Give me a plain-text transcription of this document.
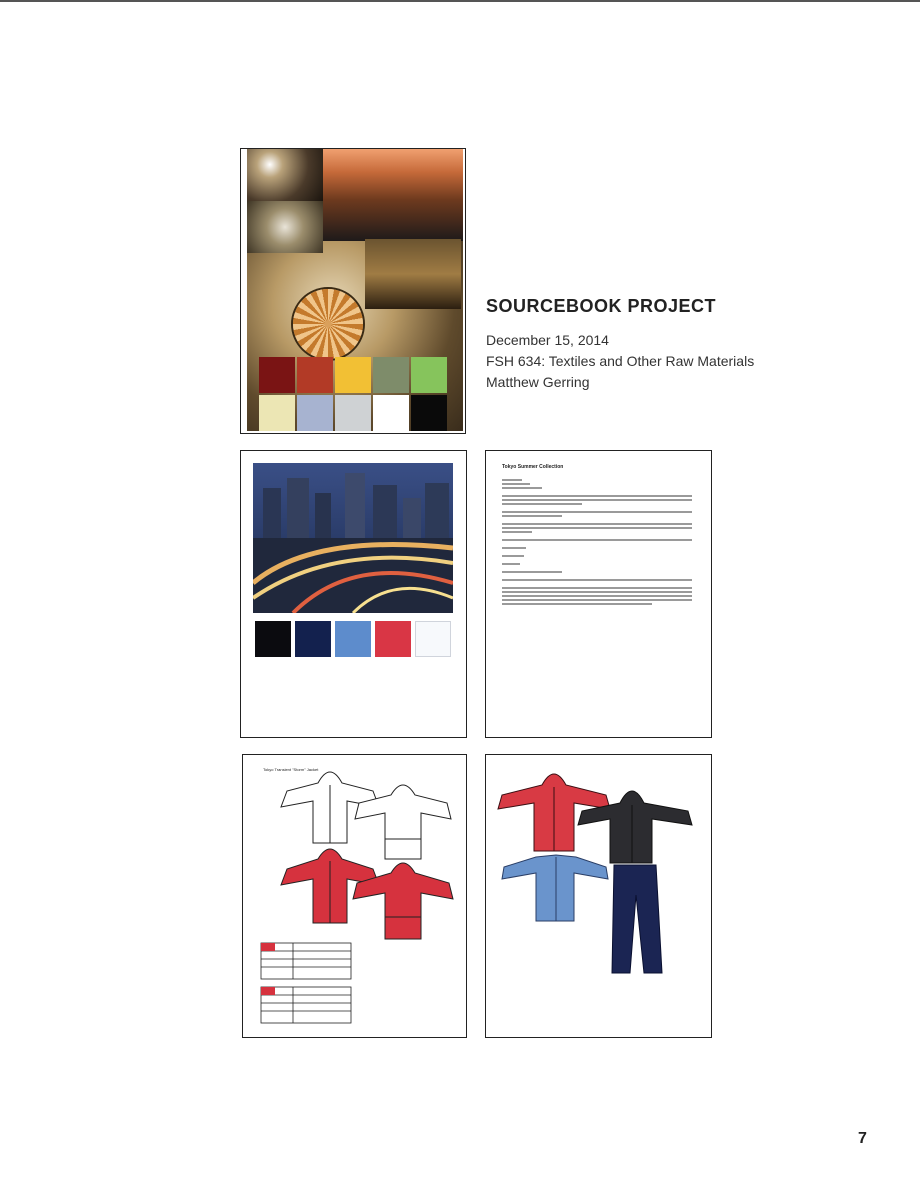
SOURCEBOOK PROJECT
December 15, 2014
FSH 634: Textiles and Other Raw Materials
Matthew Gerring
Tokyo Summer Collection
Tokyo Transient "Storm" Jacket
7
